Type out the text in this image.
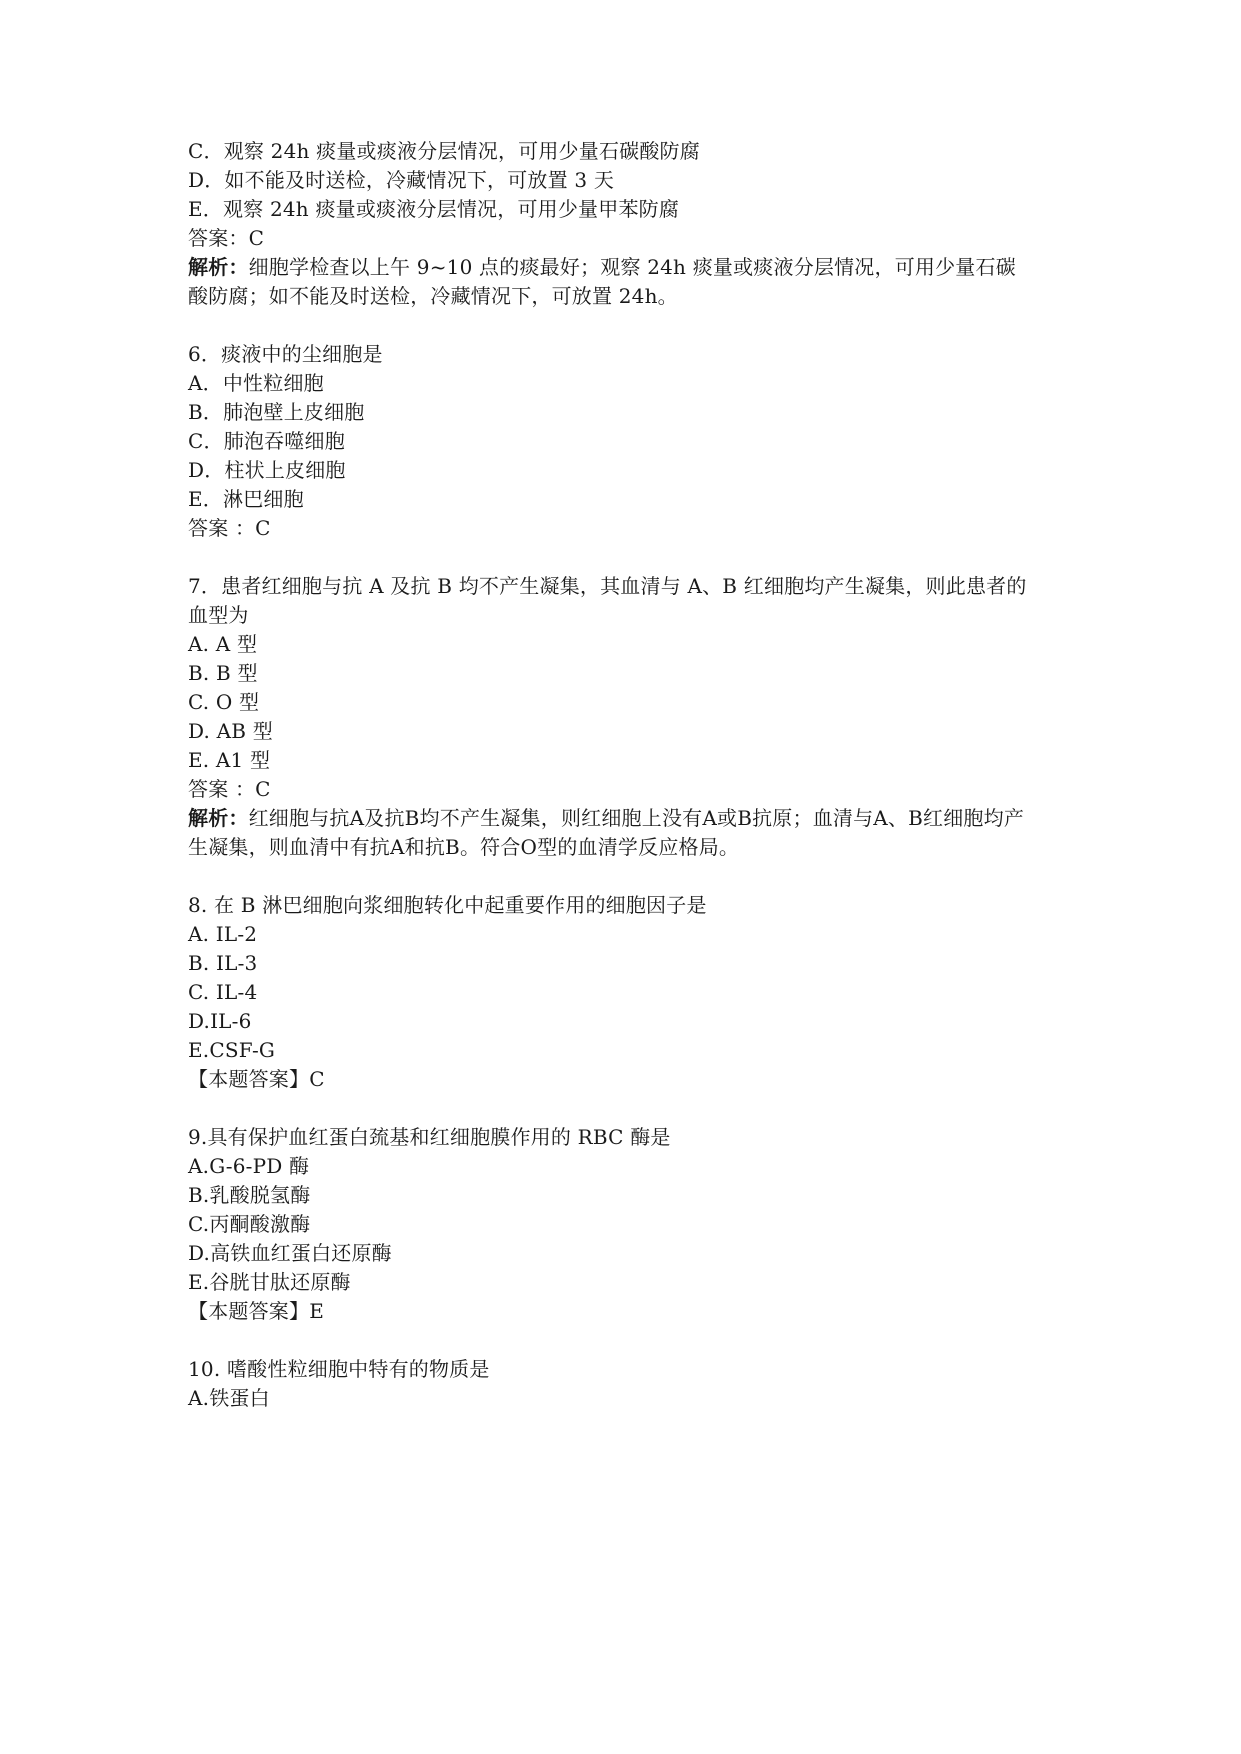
C．观察 24h 痰量或痰液分层情况，可用少量石碳酸防腐
D．如不能及时送检，冷藏情况下，可放置 3 天
E．观察 24h 痰量或痰液分层情况，可用少量甲苯防腐
答案：C
解析：细胞学检查以上午 9~10 点的痰最好；观察 24h 痰量或痰液分层情况，可用少量石碳
酸防腐；如不能及时送检，冷藏情况下，可放置 24h。
6．痰液中的尘细胞是
A．中性粒细胞
B．肺泡壁上皮细胞
C．肺泡吞噬细胞
D．柱状上皮细胞
E．淋巴细胞
答案 ：C
7．患者红细胞与抗 A 及抗 B 均不产生凝集，其血清与 A、B 红细胞均产生凝集，则此患者的
血型为
A. A 型
B. B 型
C. O 型
D. AB 型
E. A1 型
答案 ：C
解析：红细胞与抗A及抗B均不产生凝集，则红细胞上没有A或B抗原；血清与A、B红细胞均产
生凝集，则血清中有抗A和抗B。符合O型的血清学反应格局。
8. 在 B 淋巴细胞向浆细胞转化中起重要作用的细胞因子是
A. IL-2
B. IL-3
C. IL-4
D.IL-6
E.CSF-G
【本题答案】C
9.具有保护血红蛋白巯基和红细胞膜作用的 RBC 酶是
A.G-6-PD 酶
B.乳酸脱氢酶
C.丙酮酸激酶
D.高铁血红蛋白还原酶
E.谷胱甘肽还原酶
【本题答案】E
10. 嗜酸性粒细胞中特有的物质是
A.铁蛋白
